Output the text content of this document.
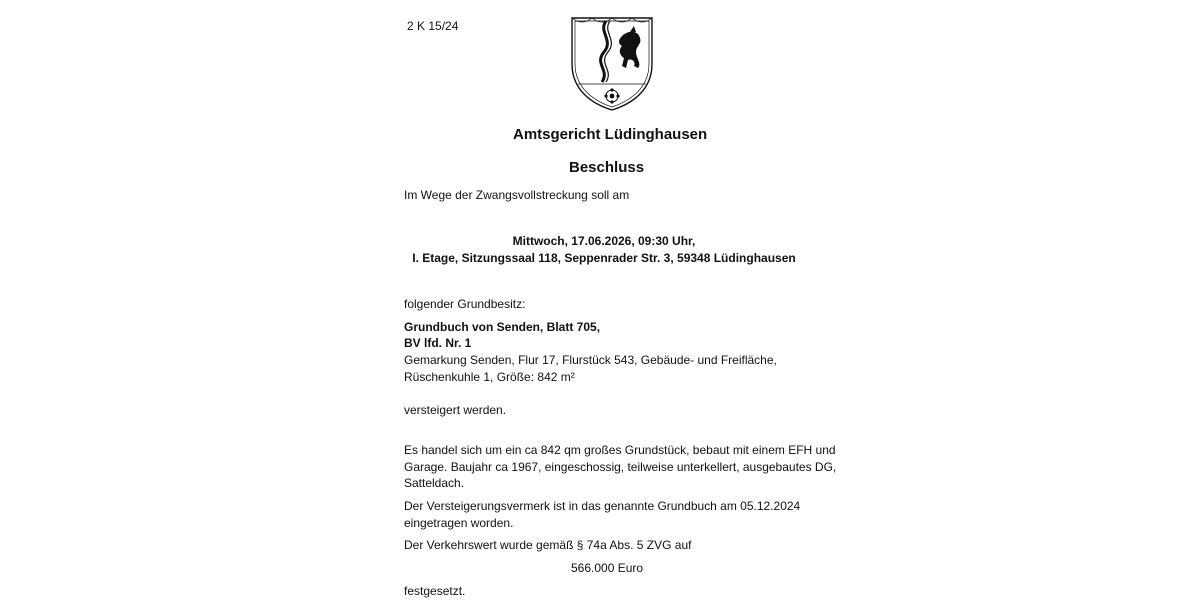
2 K 15/24
Amtsgericht Lüdinghausen
Beschluss
Im Wege der Zwangsvollstreckung soll am
Mittwoch, 17.06.2026, 09:30 Uhr,
I. Etage, Sitzungssaal 118, Seppenrader Str. 3, 59348 Lüdinghausen
folgender Grundbesitz:
Grundbuch von Senden, Blatt 705,
BV lfd. Nr. 1
Gemarkung Senden, Flur 17, Flurstück 543, Gebäude- und Freifläche,
Rüschenkuhle 1, Größe: 842 m²
versteigert werden.
Es handel sich um ein ca 842 qm großes Grundstück, bebaut mit einem EFH und
Garage. Baujahr ca 1967, eingeschossig, teilweise unterkellert, ausgebautes DG,
Satteldach.
Der Versteigerungsvermerk ist in das genannte Grundbuch am 05.12.2024
eingetragen worden.
Der Verkehrswert wurde gemäß § 74a Abs. 5 ZVG auf
566.000 Euro
festgesetzt.
